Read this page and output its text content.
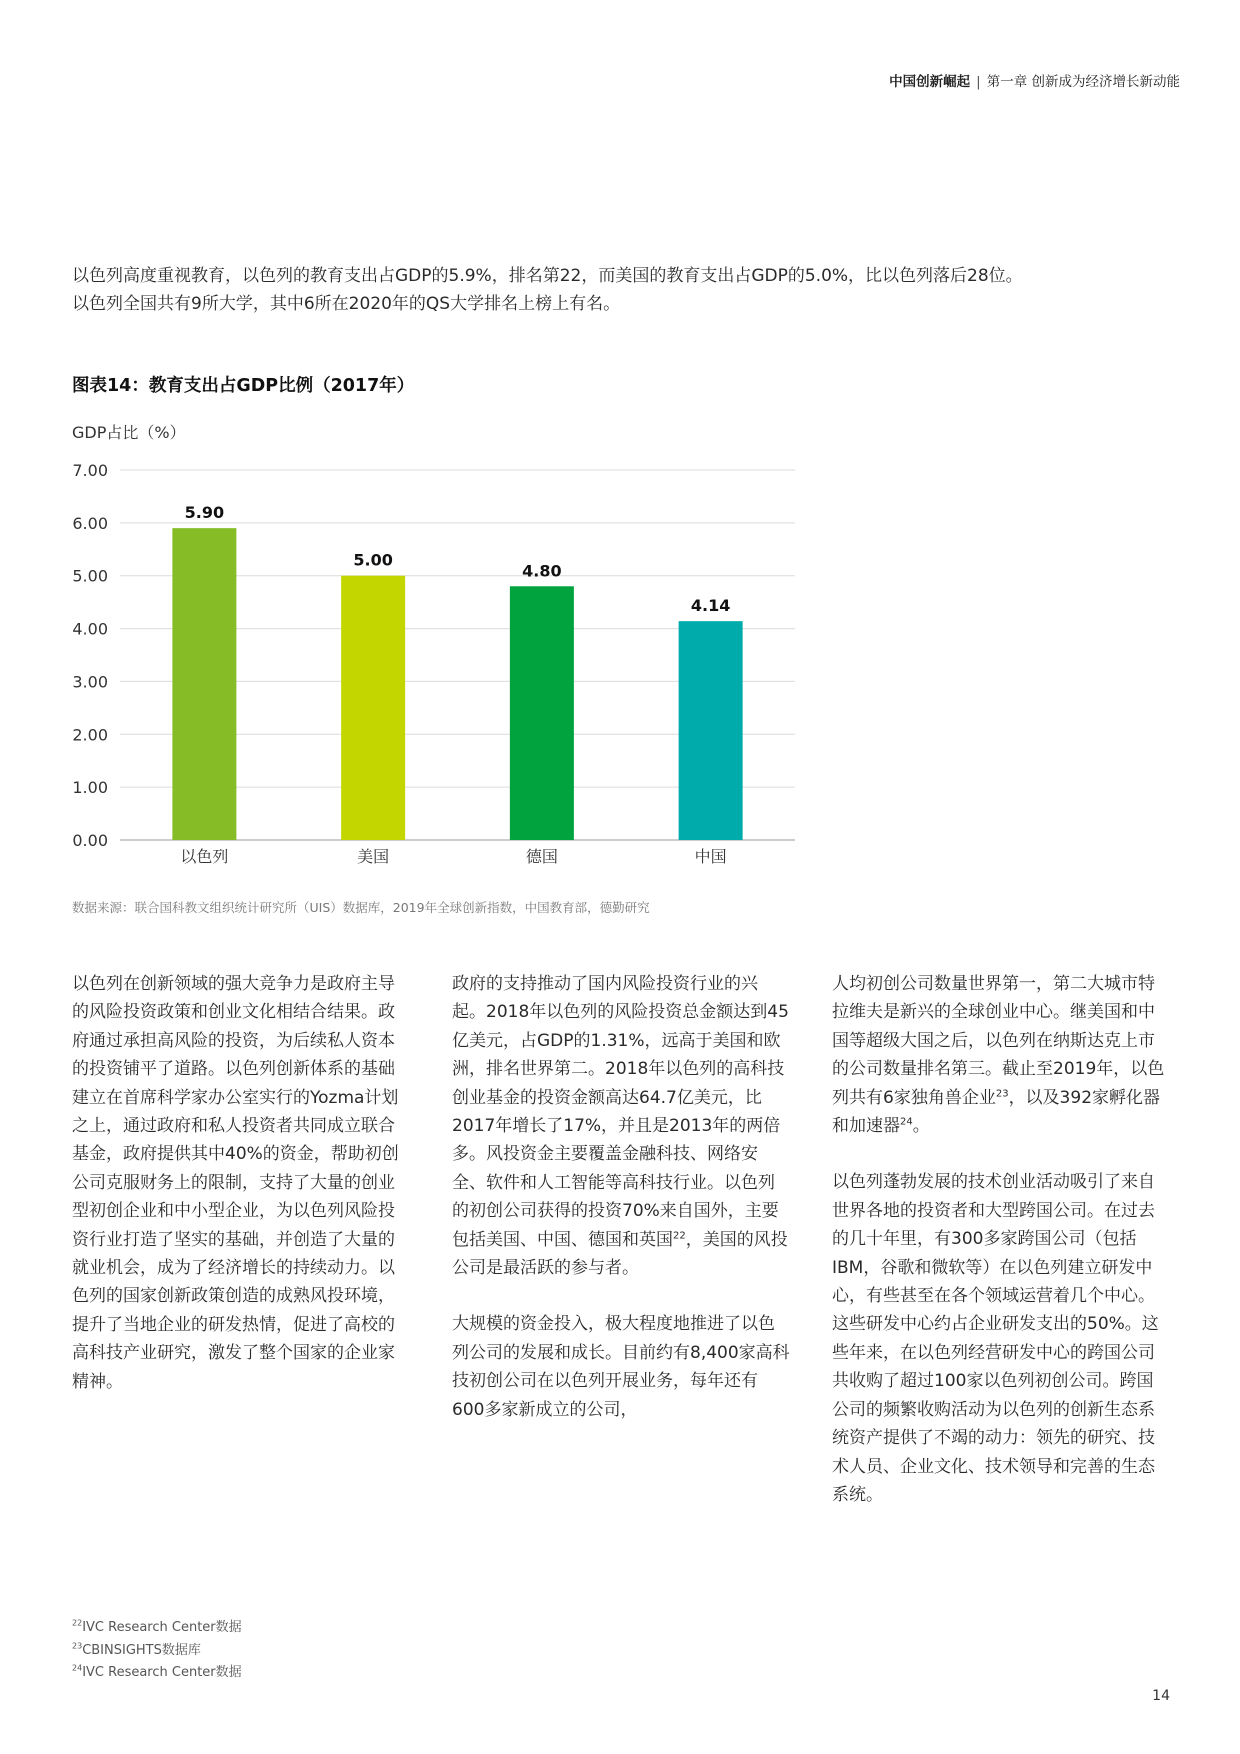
中国创新崛起 | 第一章 创新成为经济增长新动能

以色列高度重视教育，以色列的教育支出占GDP的5.9%，排名第22，而美国的教育支出占GDP的5.0%，比以色列落后28位。

以色列全国共有9所大学，其中6所在2020年的QS大学排名上榜上有名。

图表14：教育支出占GDP比例（2017年）
GDP占比（%）
0.00
1.00
2.00
3.00
4.00
5.00
6.00
7.00
5.90
以色列
5.00
美国
4.80
德国
4.14
中国
数据来源：联合国科教文组织统计研究所（UIS）数据库，2019年全球创新指数，中国教育部，德勤研究

以色列在创新领域的强大竞争力是政府主导的风险投资政策和创业文化相结合结果。政府通过承担高风险的投资，为后续私人资本的投资铺平了道路。以色列创新体系的基础建立在首席科学家办公室实行的Yozma计划之上，通过政府和私人投资者共同成立联合基金，政府提供其中40%的资金，帮助初创公司克服财务上的限制，支持了大量的创业型初创企业和中小型企业，为以色列风险投资行业打造了坚实的基础，并创造了大量的就业机会，成为了经济增长的持续动力。以色列的国家创新政策创造的成熟风投环境， 提升了当地企业的研发热情，促进了高校的高科技产业研究，激发了整个国家的企业家精神。

政府的支持推动了国内风险投资行业的兴起。2018年以色列的风险投资总金额达到45亿美元，占GDP的1.31%，远高于美国和欧洲，排名世界第二。2018年以色列的高科技创业基金的投资金额高达64.7亿美元，比2017年增长了17%，并且是2013年的两倍多。风投资金主要覆盖金融科技、网络安全、软件和人工智能等高科技行业。以色列的初创公司获得的投资70%来自国外，主要包括美国、中国、德国和英国$^{22}$，美国的风投公司是最活跃的参与者。

大规模的资金投入，极大程度地推进了以色列公司的发展和成长。目前约有8,400家高科技初创公司在以色列开展业务，每年还有600多家新成立的公司，

人均初创公司数量世界第一，第二大城市特拉维夫是新兴的全球创业中心。继美国和中国等超级大国之后，以色列在纳斯达克上市的公司数量排名第三。截止至2019年，以色列共有6家独角兽企业$^{23}$，以及392家孵化器和加速器$^{24}$。

以色列蓬勃发展的技术创业活动吸引了来自世界各地的投资者和大型跨国公司。在过去的几十年里，有300多家跨国公司（包括IBM，谷歌和微软等）在以色列建立研发中心，有些甚至在各个领域运营着几个中心。这些研发中心约占企业研发支出的50%。这些年来，在以色列经营研发中心的跨国公司共收购了超过100家以色列初创公司。跨国公司的频繁收购活动为以色列的创新生态系统资产提供了不竭的动力：领先的研究、技术人员、企业文化、技术领导和完善的生态系统。

$^{22}$IVC Research Center数据
$^{23}$CBINSIGHTS数据库
$^{24}$IVC Research Center数据
14
